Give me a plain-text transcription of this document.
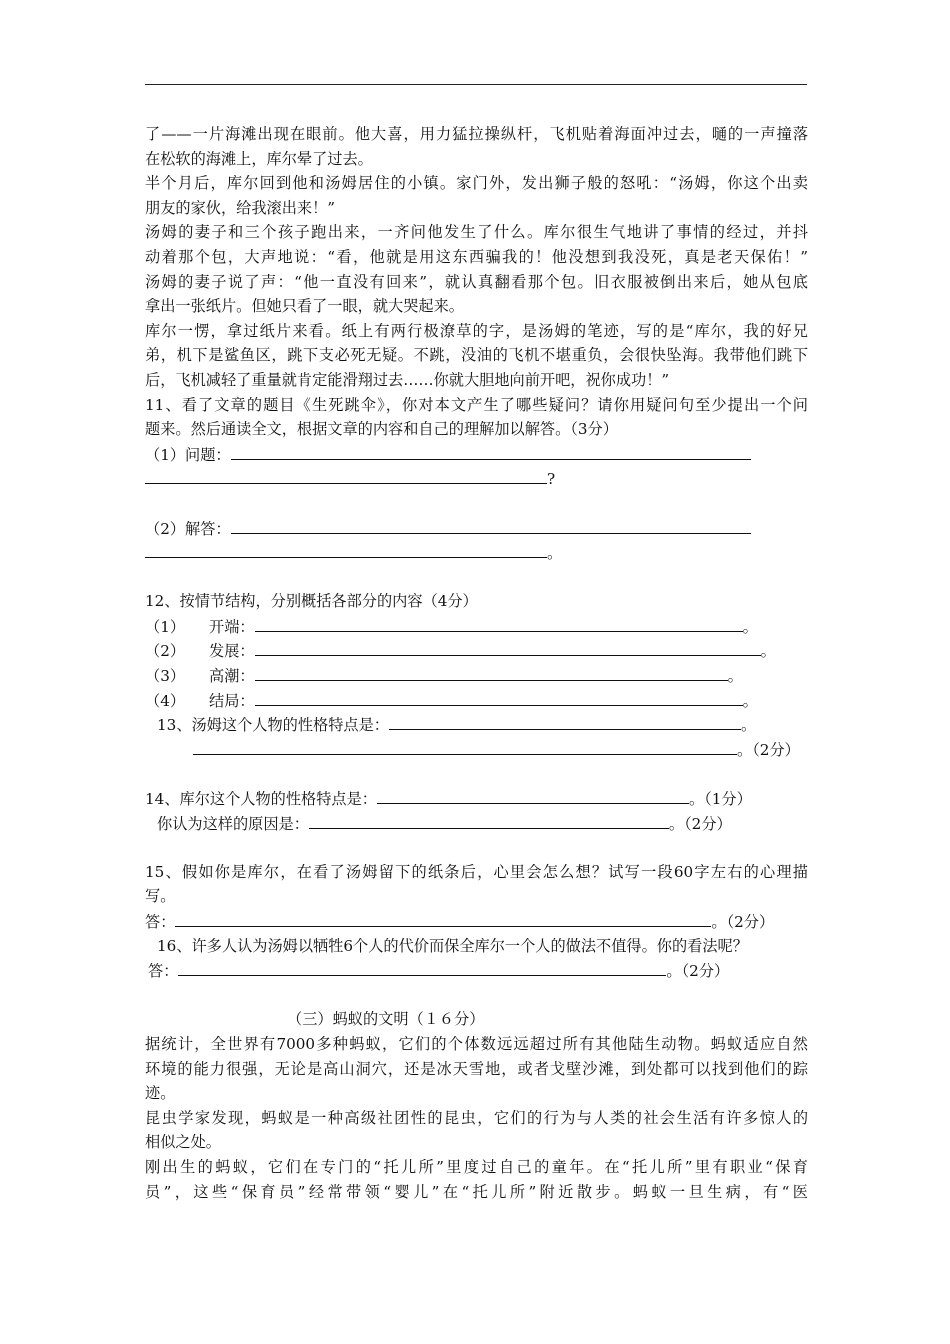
了——一片海滩出现在眼前。他大喜，用力猛拉操纵杆，飞机贴着海面冲过去，嗵的一声撞落
在松软的海滩上，库尔晕了过去。
半个月后，库尔回到他和汤姆居住的小镇。家门外，发出狮子般的怒吼：“汤姆，你这个出卖
朋友的家伙，给我滚出来！”
汤姆的妻子和三个孩子跑出来，一齐问他发生了什么。库尔很生气地讲了事情的经过，并抖
动着那个包，大声地说：“看，他就是用这东西骗我的！他没想到我没死，真是老天保佑！”
汤姆的妻子说了声：“他一直没有回来”，就认真翻看那个包。旧衣服被倒出来后，她从包底
拿出一张纸片。但她只看了一眼，就大哭起来。
库尔一愣，拿过纸片来看。纸上有两行极潦草的字，是汤姆的笔迹，写的是“库尔，我的好兄
弟，机下是鲨鱼区，跳下支必死无疑。不跳，没油的飞机不堪重负，会很快坠海。我带他们跳下
后，飞机减轻了重量就肯定能滑翔过去……你就大胆地向前开吧，祝你成功！”
11、看了文章的题目《生死跳伞》，你对本文产生了哪些疑问？请你用疑问句至少提出一个问
题来。然后通读全文，根据文章的内容和自己的理解加以解答。（3分）
（1）问题：
?
（2）解答：
。
12、按情节结构，分别概括各部分的内容（4分）
（1） 开端：	。
（2） 发展：	。
（3） 高潮：	。
（4） 结局：	。
13、汤姆这个人物的性格特点是：	。
。（2分）
14、库尔这个人物的性格特点是：	。（1分）
你认为这样的原因是：	。（2分）
15、假如你是库尔，在看了汤姆留下的纸条后，心里会怎么想？试写一段60字左右的心理描
写。
答：	。（2分）
16、许多人认为汤姆以牺牲6个人的代价而保全库尔一个人的做法不值得。你的看法呢？
答：	。（2分）
（三）蚂蚁的文明（１６分）
据统计，全世界有7000多种蚂蚁，它们的个体数远远超过所有其他陆生动物。蚂蚁适应自然
环境的能力很强，无论是高山洞穴，还是冰天雪地，或者戈壁沙滩，到处都可以找到他们的踪
迹。
昆虫学家发现，蚂蚁是一种高级社团性的昆虫，它们的行为与人类的社会生活有许多惊人的
相似之处。
刚出生的蚂蚁，它们在专门的“托儿所”里度过自己的童年。在“托儿所”里有职业“保育
员”，这些“保育员”经常带领“婴儿”在“托儿所”附近散步。蚂蚁一旦生病，有“医
